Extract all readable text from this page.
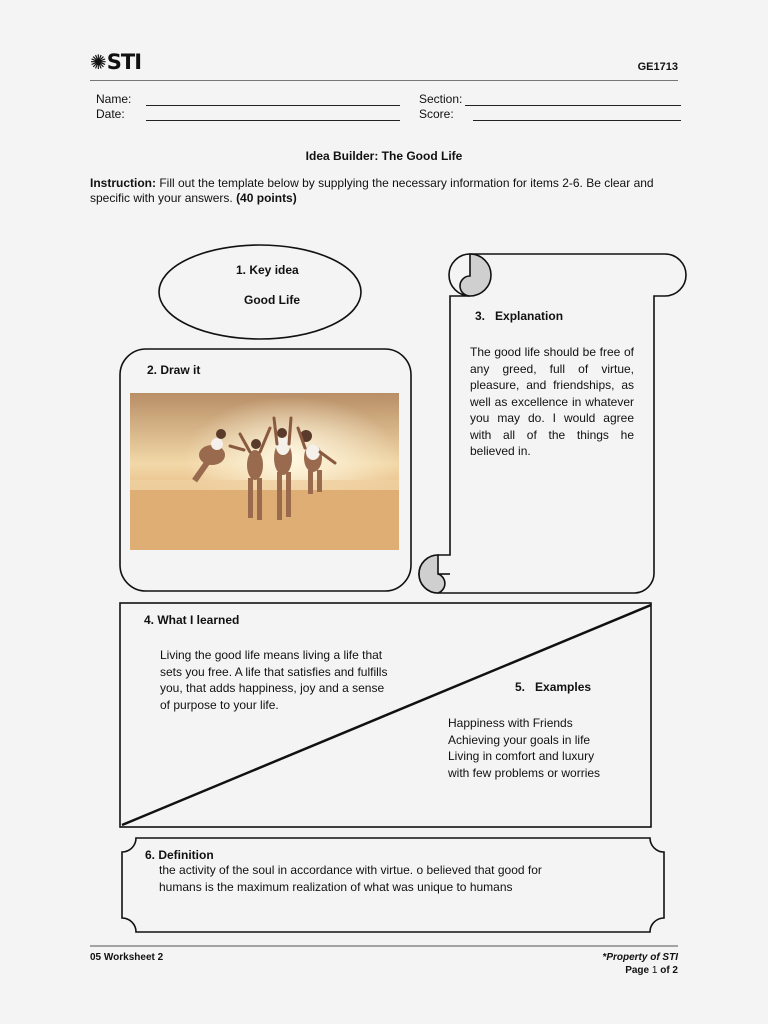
✺STI	GE1713
Name:
Date:
Section:
Score:
Idea Builder: The Good Life
Instruction: Fill out the template below by supplying the necessary information for items 2-6. Be clear and specific with your answers. (40 points)
1. Key idea
Good Life
2. Draw it
3.   Explanation
The good life should be free of any greed, full of virtue, pleasure, and friendships, as well as excellence in whatever you may do. I would agree with all of the things he believed in.
4. What I learned
Living the good life means living a life that sets you free. A life that satisfies and fulfills you, that adds happiness, joy and a sense of purpose to your life.
5.   Examples
Happiness with Friends
Achieving your goals in life
Living in comfort and luxury
with few problems or worries
6. Definition
the activity of the soul in accordance with virtue. o believed that good for humans is the maximum realization of what was unique to humans
05 Worksheet 2	*Property of STI
Page 1 of 2
